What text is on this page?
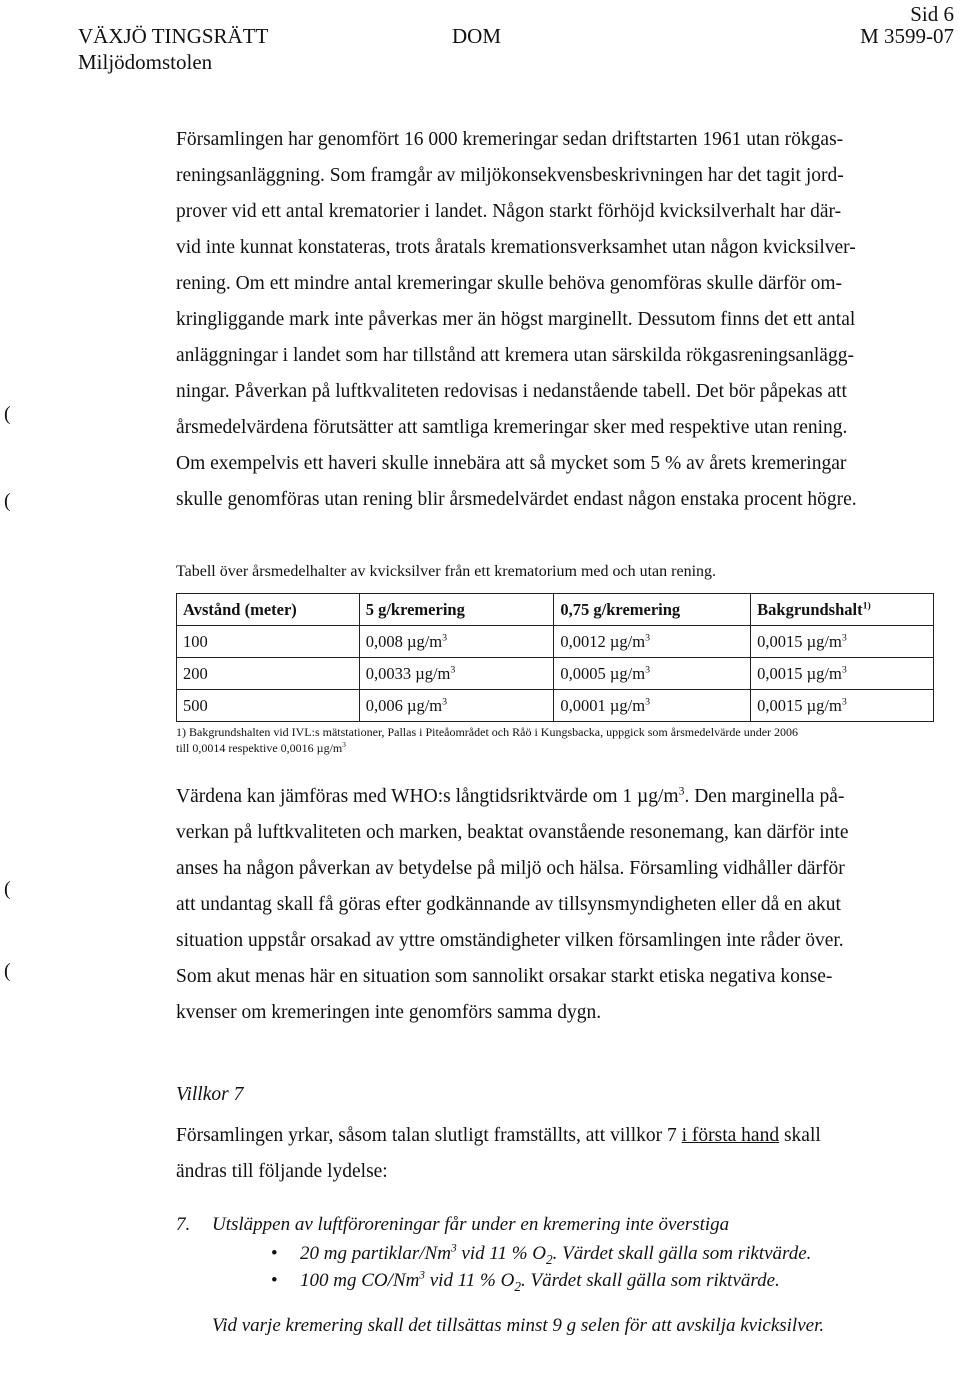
VÄXJÖ TINGSRÄTT
Miljödomstolen
DOM
Sid 6
M 3599-07
(
(
(
(

Församlingen har genomfört 16 000 kremeringar sedan driftstarten 1961 utan rökgas-

reningsanläggning. Som framgår av miljökonsekvensbeskrivningen har det tagit jord-

prover vid ett antal krematorier i landet. Någon starkt förhöjd kvicksilverhalt har där-

vid inte kunnat konstateras, trots åratals kremationsverksamhet utan någon kvicksilver-

rening. Om ett mindre antal kremeringar skulle behöva genomföras skulle därför om-

kringliggande mark inte påverkas mer än högst marginellt. Dessutom finns det ett antal

anläggningar i landet som har tillstånd att kremera utan särskilda rökgasreningsanlägg-

ningar. Påverkan på luftkvaliteten redovisas i nedanstående tabell. Det bör påpekas att

årsmedelvärdena förutsätter att samtliga kremeringar sker med respektive utan rening.

Om exempelvis ett haveri skulle innebära att så mycket som 5 % av årets kremeringar

skulle genomföras utan rening blir årsmedelvärdet endast någon enstaka procent högre.

Tabell över årsmedelhalter av kvicksilver från ett krematorium med och utan rening.
Avstånd (meter)	5 g/kremering	0,75 g/kremering	Bakgrundshalt$^{1)}$
100	0,008 $\mu g/m^3$	0,0012 $\mu g/m^3$	0,0015 $\mu g/m^3$
200	0,0033 $\mu g/m^3$	0,0005 $\mu g/m^3$	0,0015 $\mu g/m^3$
500	0,006 $\mu g/m^3$	0,0001 $\mu g/m^3$	0,0015 $\mu g/m^3$
1) Bakgrundshalten vid IVL:s mätstationer, Pallas i Piteåområdet och Råö i Kungsbacka, uppgick som årsmedelvärde under 2006
till 0,0014 respektive 0,0016 $\mu g/m^3$

Värdena kan jämföras med WHO:s långtidsriktvärde om 1 $\mu g/m^3$. Den marginella på-

verkan på luftkvaliteten och marken, beaktat ovanstående resonemang, kan därför inte

anses ha någon påverkan av betydelse på miljö och hälsa. Församling vidhåller därför

att undantag skall få göras efter godkännande av tillsynsmyndigheten eller då en akut

situation uppstår orsakad av yttre omständigheter vilken församlingen inte råder över.

Som akut menas här en situation som sannolikt orsakar starkt etiska negativa konse-

kvenser om kremeringen inte genomförs samma dygn.

Villkor 7

Församlingen yrkar, såsom talan slutligt framställts, att villkor 7 i första hand skall

ändras till följande lydelse:

7. Utsläppen av luftföroreningar får under en kremering inte överstiga
• 20 mg partiklar/Nm$^3$ vid 11 % $O_2$. Värdet skall gälla som riktvärde.
• 100 mg CO/Nm$^3$ vid 11 % $O_2$. Värdet skall gälla som riktvärde.
Vid varje kremering skall det tillsättas minst 9 g selen för att avskilja kvicksilver.
